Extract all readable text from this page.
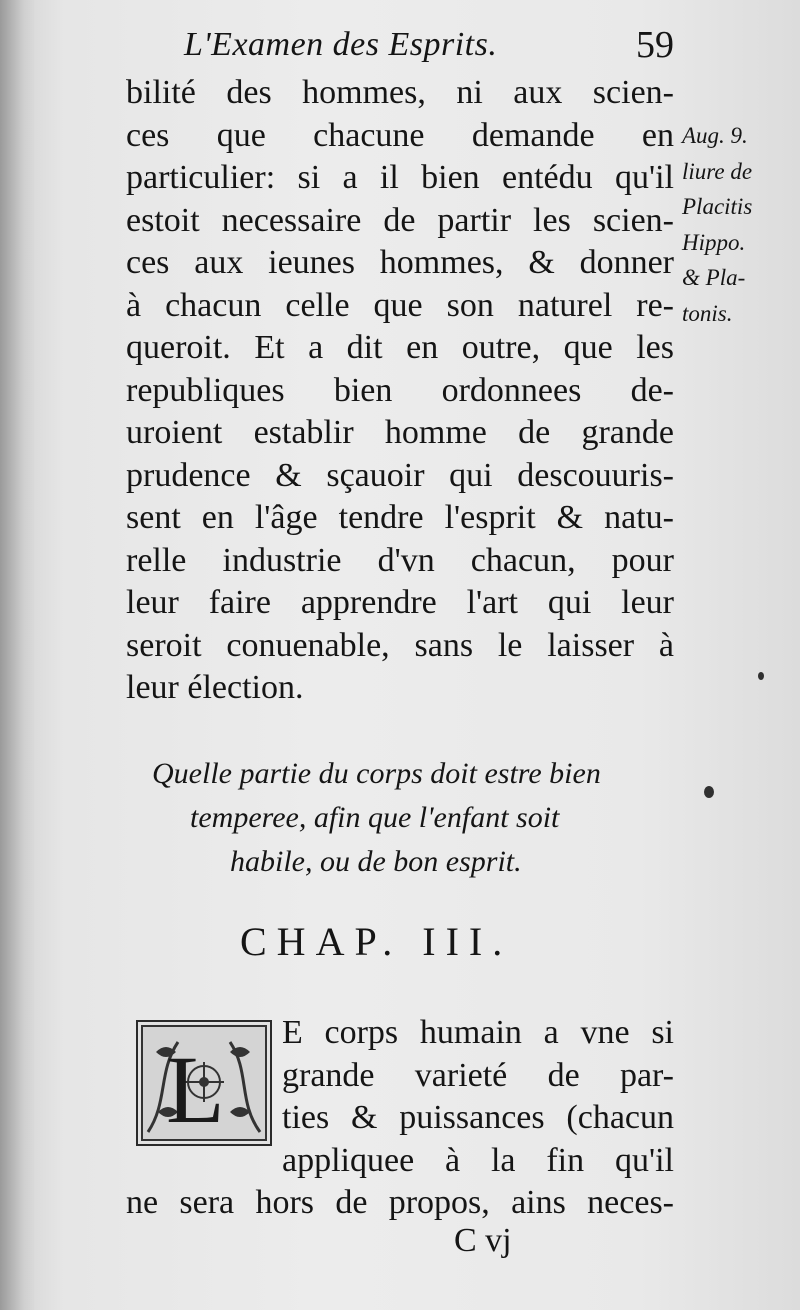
L'Examen des Esprits.	59
bilité des hommes, ni aux scien-
ces que chacune demande en
particulier: si a il bien entédu qu'il
estoit necessaire de partir les scien-
ces aux ieunes hommes, & donner
à chacun celle que son naturel re-
queroit. Et a dit en outre, que les
republiques bien ordonnees de-
uroient establir homme de grande
prudence & sçauoir qui descouuris-
sent en l'âge tendre l'esprit & natu-
relle industrie d'vn chacun, pour
leur faire apprendre l'art qui leur
seroit conuenable, sans le laisser à
leur élection.
Aug. 9.
liure de
Placitis
Hippo.
& Pla-
tonis.
Quelle partie du corps doit estre bien
temperee, afin que l'enfant soit
habile, ou de bon esprit.
CHAP. III.
L
E corps humain a vne si
grande varieté de par-
ties & puissances (chacun
appliquee à la fin qu'il
ne sera hors de propos, ains neces-
C vj
